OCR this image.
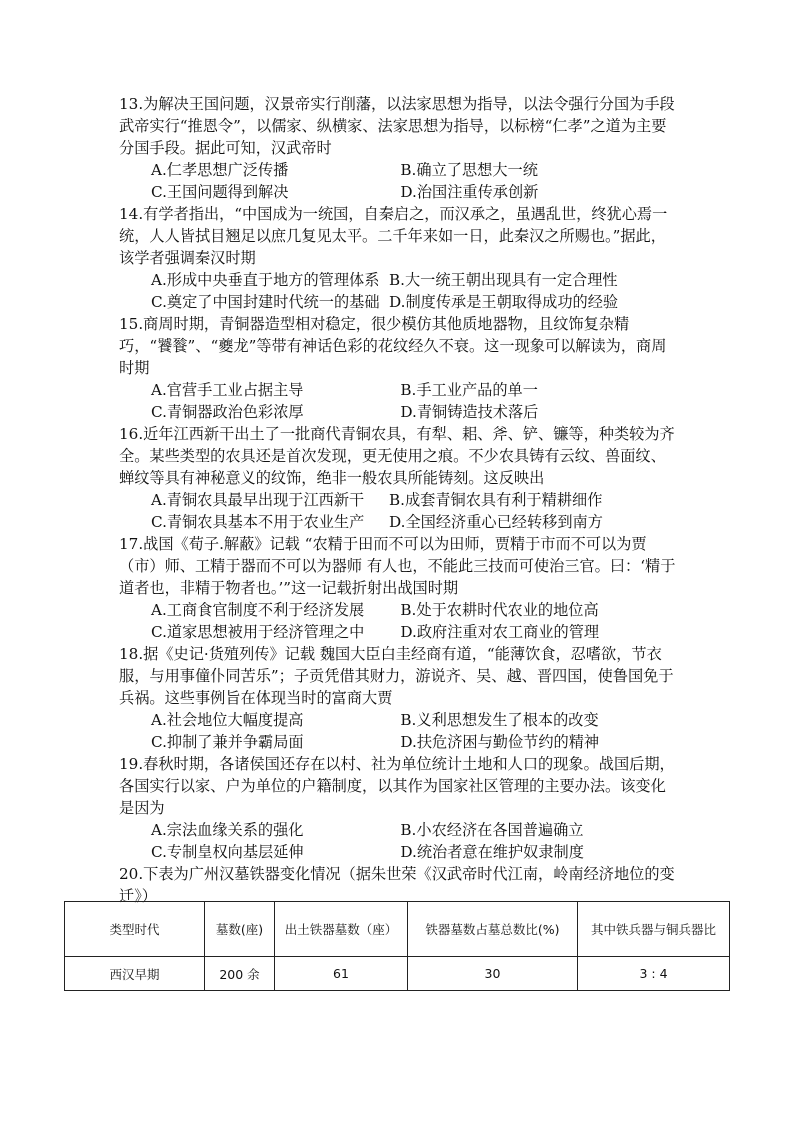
13.为解决王国问题，汉景帝实行削藩，以法家思想为指导，以法令强行分国为手段 武帝实行“推恩令”，以儒家、纵横家、法家思想为指导，以标榜“仁孝”之道为主要分国手段。据此可知，汉武帝时
A.仁孝思想广泛传播	B.确立了思想大一统
C.王国问题得到解决	D.治国注重传承创新
14.有学者指出，“中国成为一统国，自秦启之，而汉承之，虽遇乱世，终犹心焉一统，人人皆拭目翘足以庶几复见太平。二千年来如一日，此秦汉之所赐也。”据此，该学者强调秦汉时期
A.形成中央垂直于地方的管理体系 B.大一统王朝出现具有一定合理性
C.奠定了中国封建时代统一的基础 D.制度传承是王朝取得成功的经验
15.商周时期，青铜器造型相对稳定，很少模仿其他质地器物，且纹饰复杂精巧，“饕餮”、“夔龙”等带有神话色彩的花纹经久不衰。这一现象可以解读为，商周时期
A.官营手工业占据主导	B.手工业产品的单一
C.青铜器政治色彩浓厚	D.青铜铸造技术落后
16.近年江西新干出土了一批商代青铜农具，有犁、耜、斧、铲、镰等，种类较为齐全。某些类型的农具还是首次发现，更无使用之痕。不少农具铸有云纹、兽面纹、蝉纹等具有神秘意义的纹饰，绝非一般农具所能铸刻。这反映出
A.青铜农具最早出现于江西新干	B.成套青铜农具有利于精耕细作
C.青铜农具基本不用于农业生产	D.全国经济重心已经转移到南方
17.战国《荀子.解蔽》记载 “农精于田而不可以为田师，贾精于市而不可以为贾（市）师、工精于器而不可以为器师 有人也，不能此三技而可使治三官。曰：‘精于道者也，非精于物者也。’”这一记载折射出战国时期
A.工商食官制度不利于经济发展	B.处于农耕时代农业的地位高
C.道家思想被用于经济管理之中	D.政府注重对农工商业的管理
18.据《史记·货殖列传》记载 魏国大臣白圭经商有道，“能薄饮食，忍嗜欲，节衣服，与用事僮仆同苦乐”；子贡凭借其财力，游说齐、吴、越、晋四国，使鲁国免于兵祸。这些事例旨在体现当时的富商大贾
A.社会地位大幅度提高	B.义利思想发生了根本的改变
C.抑制了兼并争霸局面	D.扶危济困与勤俭节约的精神
19.春秋时期，各诸侯国还存在以村、社为单位统计土地和人口的现象。战国后期，各国实行以家、户为单位的户籍制度，以其作为国家社区管理的主要办法。该变化是因为
A.宗法血缘关系的强化	B.小农经济在各国普遍确立
C.专制皇权向基层延伸	D.统治者意在维护奴隶制度
20.下表为广州汉墓铁器变化情况（据朱世荣《汉武帝时代江南，岭南经济地位的变迁》）
类型时代	墓数(座)	出土铁器墓数（座）	铁器墓数占墓总数比(%)	其中铁兵器与铜兵器比
西汉早期	200 余	61	30	3 : 4
